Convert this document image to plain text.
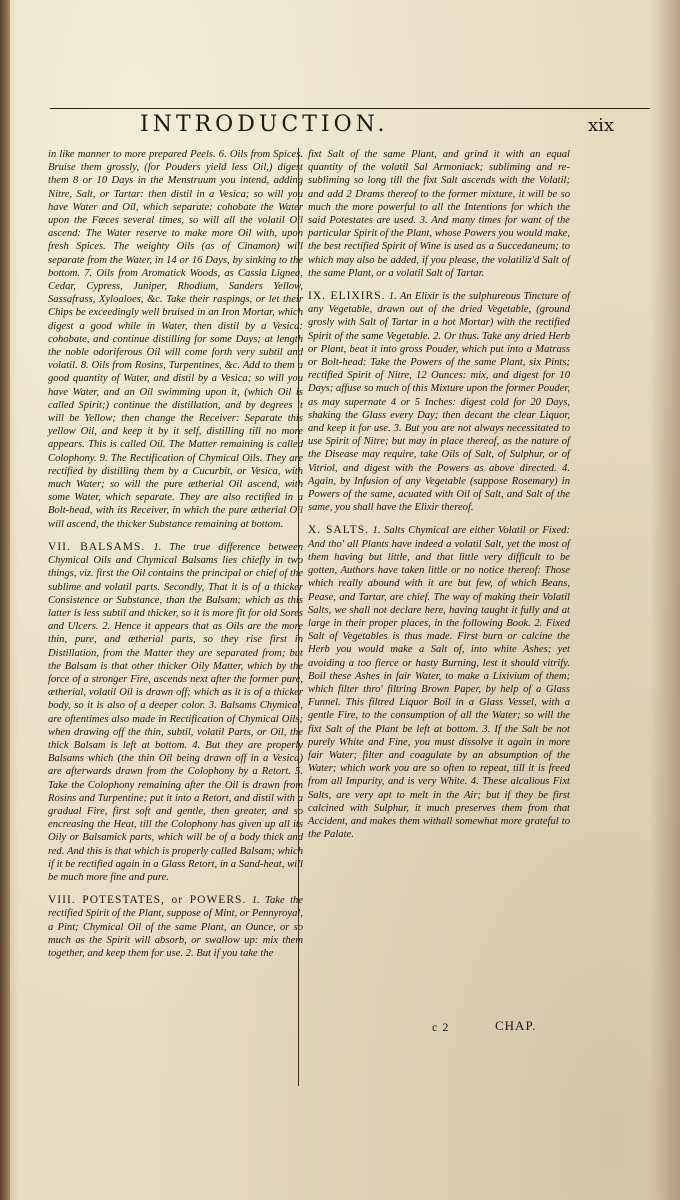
INTRODUCTION.	xix

in like manner to more prepared Peels. 6. Oils from Spices. Bruise them grossly, (for Pouders yield less Oil,) digest them 8 or 10 Days in the Menstruum you intend, adding Nitre, Salt, or Tartar: then distil in a Vesica; so will you have Water and Oil, which separate: cohobate the Water upon the Fæces several times, so will all the volatil Oil ascend: The Water reserve to make more Oil with, upon fresh Spices. The weighty Oils (as of Cinamon) will separate from the Water, in 14 or 16 Days, by sinking to the bottom. 7. Oils from Aromatick Woods, as Cassia Lignea, Cedar, Cypress, Juniper, Rhodium, Sanders Yellow, Sassafrass, Xyloaloes, &c. Take their raspings, or let their Chips be exceedingly well bruised in an Iron Mortar, which digest a good while in Water, then distil by a Vesica: cohobate, and continue distilling for some Days; at length the noble odoriferous Oil will come forth very subtil and volatil. 8. Oils from Rosins, Turpentines, &c. Add to them a good quantity of Water, and distil by a Vesica; so will you have Water, and an Oil swimming upon it, (which Oil is called Spirit;) continue the distillation, and by degrees it will be Yellow; then change the Receiver: Separate this yellow Oil, and keep it by it self, distilling till no more appears. This is called Oil. The Matter remaining is called Colophony. 9. The Rectification of Chymical Oils. They are rectified by distilling them by a Cucurbit, or Vesica, with much Water; so will the pure ætherial Oil ascend, with some Water, which separate. They are also rectified in a Bolt-head, with its Receiver, in which the pure ætherial Oil will ascend, the thicker Substance remaining at bottom.

VII. BALSAMS. 1. The true difference between Chymical Oils and Chymical Balsams lies chiefly in two things, viz. first the Oil contains the principal or chief of the sublime and volatil parts. Secondly, That it is of a thicker Consistence or Substance, than the Balsam; which as this latter is less subtil and thicker, so it is more fit for old Sores and Ulcers. 2. Hence it appears that as Oils are the more thin, pure, and ætherial parts, so they rise first in Distillation, from the Matter they are separated from; but the Balsam is that other thicker Oily Matter, which by the force of a stronger Fire, ascends next after the former pure, ætherial, volatil Oil is drawn off; which as it is of a thicker body, so it is also of a deeper color. 3. Balsams Chymical, are oftentimes also made in Rectification of Chymical Oils; when drawing off the thin, subtil, volatil Parts, or Oil, the thick Balsam is left at bottom. 4. But they are properly Balsams which (the thin Oil being drawn off in a Vesica) are afterwards drawn from the Colophony by a Retort. 5. Take the Colophony remaining after the Oil is drawn from Rosins and Turpentine; put it into a Retort, and distil with a gradual Fire, first soft and gentle, then greater, and so encreasing the Heat, till the Colophony has given up all its Oily or Balsamick parts, which will be of a body thick and red. And this is that which is properly called Balsam; which if it be rectified again in a Glass Retort, in a Sand-heat, will be much more fine and pure.

VIII. POTESTATES, or POWERS. 1. Take the rectified Spirit of the Plant, suppose of Mint, or Pennyroyal, a Pint; Chymical Oil of the same Plant, an Ounce, or so much as the Spirit will absorb, or swallow up: mix them together, and keep them for use. 2. But if you take the

fixt Salt of the same Plant, and grind it with an equal quantity of the volatil Sal Armoniack; subliming and re-subliming so long till the fixt Salt ascends with the Volatil; and add 2 Drams thereof to the former mixture, it will be so much the more powerful to all the Intentions for which the said Potestates are used. 3. And many times for want of the particular Spirit of the Plant, whose Powers you would make, the best rectified Spirit of Wine is used as a Succedaneum; to which may also be added, if you please, the volatiliz'd Salt of the same Plant, or a volatil Salt of Tartar.

IX. ELIXIRS. 1. An Elixir is the sulphureous Tincture of any Vegetable, drawn out of the dried Vegetable, (ground grosly with Salt of Tartar in a hot Mortar) with the rectified Spirit of the same Vegetable. 2. Or thus. Take any dried Herb or Plant, beat it into gross Pouder, which put into a Matrass or Bolt-head: Take the Powers of the same Plant, six Pints; rectified Spirit of Nitre, 12 Ounces: mix, and digest for 10 Days; affuse so much of this Mixture upon the former Pouder, as may supernate 4 or 5 Inches: digest cold for 20 Days, shaking the Glass every Day; then decant the clear Liquor, and keep it for use. 3. But you are not always necessitated to use Spirit of Nitre; but may in place thereof, as the nature of the Disease may require, take Oils of Salt, of Sulphur, or of Vitriol, and digest with the Powers as above directed. 4. Again, by Infusion of any Vegetable (suppose Rosemary) in Powers of the same, acuated with Oil of Salt, and Salt of the same, you shall have the Elixir thereof.

X. SALTS. 1. Salts Chymical are either Volatil or Fixed: And tho' all Plants have indeed a volatil Salt, yet the most of them having but little, and that little very difficult to be gotten, Authors have taken little or no notice thereof: Those which really abound with it are but few, of which Beans, Pease, and Tartar, are chief. The way of making their Volatil Salts, we shall not declare here, having taught it fully and at large in their proper places, in the following Book. 2. Fixed Salt of Vegetables is thus made. First burn or calcine the Herb you would make a Salt of, into white Ashes; yet avoiding a too fierce or hasty Burning, lest it should vitrify. Boil these Ashes in fair Water, to make a Lixivium of them; which filter thro' filtring Brown Paper, by help of a Glass Funnel. This filtred Liquor Boil in a Glass Vessel, with a gentle Fire, to the consumption of all the Water; so will the fixt Salt of the Plant be left at bottom. 3. If the Salt be not purely White and Fine, you must dissolve it again in more fair Water; filter and coagulate by an absumption of the Water; which work you are so often to repeat, till it is freed from all Impurity, and is very White. 4. These alcalious Fixt Salts, are very apt to melt in the Air; but if they be first calcined with Sulphur, it much preserves them from that Accident, and makes them withall somewhat more grateful to the Palate.

c 2	CHAP.
